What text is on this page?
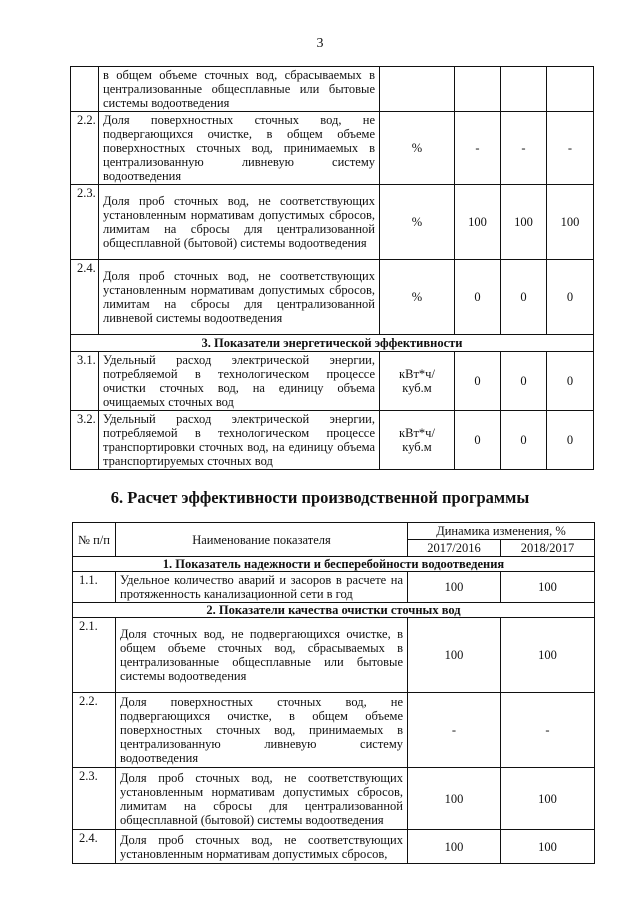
3
	в общем объеме сточных вод, сбрасываемых в централизованные общесплавные или бытовые системы водоотведения				
2.2.	Доля поверхностных сточных вод, не подвергающихся очистке, в общем объеме поверхностных сточных вод, принимаемых в централизованную ливневую систему водоотведения	%	-	-	-
2.3.	Доля проб сточных вод, не соответствующих установленным нормативам допустимых сбросов, лимитам на сбросы для централизованной общесплавной (бытовой) системы водоотведения	%	100	100	100
2.4.	Доля проб сточных вод, не соответствующих установленным нормативам допустимых сбросов, лимитам на сбросы для централизованной ливневой системы водоотведения	%	0	0	0
3. Показатели энергетической эффективности					
3.1.	Удельный расход электрической энергии, потребляемой в технологическом процессе очистки сточных вод, на единицу объема очищаемых сточных вод	кВт*ч/ куб.м	0	0	0
3.2.	Удельный расход электрической энергии, потребляемой в технологическом процессе транспортировки сточных вод, на единицу объема транспортируемых сточных вод	кВт*ч/ куб.м	0	0	0
6. Расчет эффективности производственной программы
№ п/п	Наименование показателя	Динамика изменения, %	
		2017/2016	2018/2017
1. Показатель надежности и бесперебойности водоотведения			
1.1.	Удельное количество аварий и засоров в расчете на протяженность канализационной сети в год	100	100
2. Показатели качества очистки сточных вод			
2.1.	Доля сточных вод, не подвергающихся очистке, в общем объеме сточных вод, сбрасываемых в централизованные общесплавные или бытовые системы водоотведения	100	100
2.2.	Доля поверхностных сточных вод, не подвергающихся очистке, в общем объеме поверхностных сточных вод, принимаемых в централизованную ливневую систему водоотведения	-	-
2.3.	Доля проб сточных вод, не соответствующих установленным нормативам допустимых сбросов, лимитам на сбросы для централизованной общесплавной (бытовой) системы водоотведения	100	100
2.4.	Доля проб сточных вод, не соответствующих установленным нормативам допустимых сбросов,	100	100
